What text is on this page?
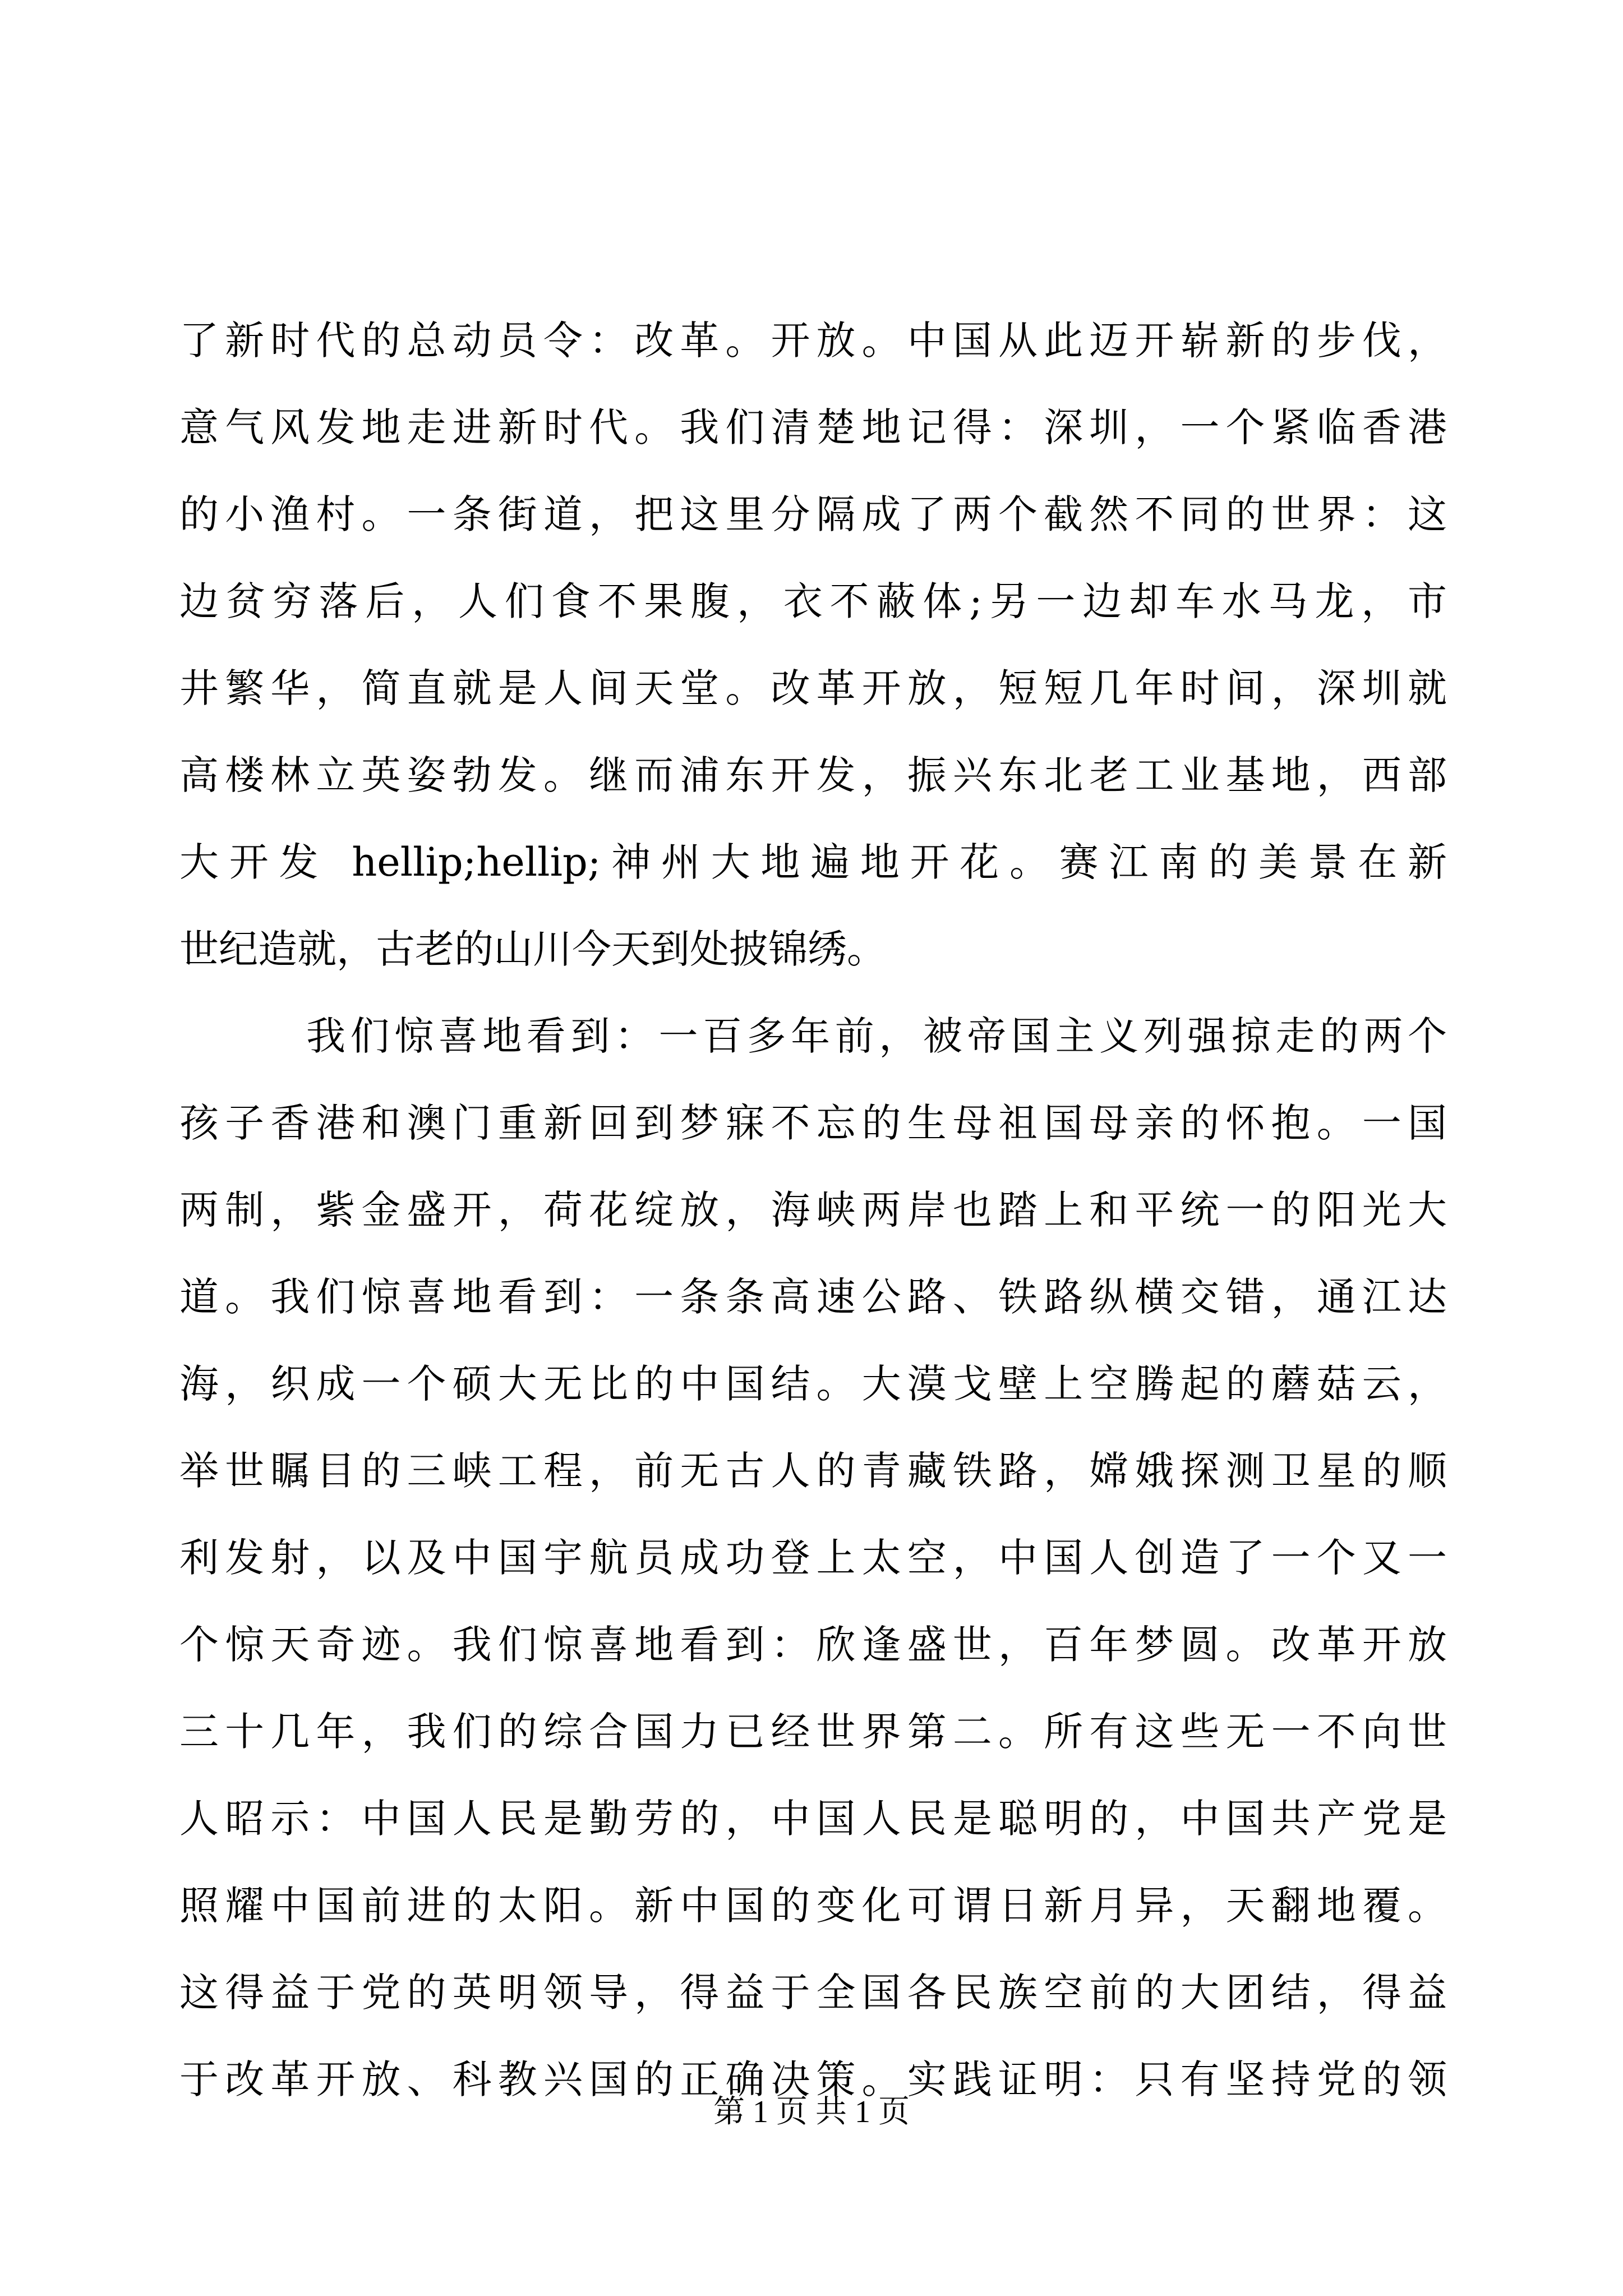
了新时代的总动员令：改革。开放。中国从此迈开崭新的步伐，
意气风发地走进新时代。我们清楚地记得：深圳，一个紧临香港
的小渔村。一条街道，把这里分隔成了两个截然不同的世界：这
边贫穷落后，人们食不果腹，衣不蔽体;另一边却车水马龙，市
井繁华，简直就是人间天堂。改革开放，短短几年时间，深圳就
高楼林立英姿勃发。继而浦东开发，振兴东北老工业基地，西部
大开发 hellip;hellip;神州大地遍地开花。赛江南的美景在新
世纪造就，古老的山川今天到处披锦绣。
我们惊喜地看到：一百多年前，被帝国主义列强掠走的两个
孩子香港和澳门重新回到梦寐不忘的生母祖国母亲的怀抱。一国
两制，紫金盛开，荷花绽放，海峡两岸也踏上和平统一的阳光大
道。我们惊喜地看到：一条条高速公路、铁路纵横交错，通江达
海，织成一个硕大无比的中国结。大漠戈壁上空腾起的蘑菇云，
举世瞩目的三峡工程，前无古人的青藏铁路，嫦娥探测卫星的顺
利发射，以及中国宇航员成功登上太空，中国人创造了一个又一
个惊天奇迹。我们惊喜地看到：欣逢盛世，百年梦圆。改革开放
三十几年，我们的综合国力已经世界第二。所有这些无一不向世
人昭示：中国人民是勤劳的，中国人民是聪明的，中国共产党是
照耀中国前进的太阳。新中国的变化可谓日新月异，天翻地覆。
这得益于党的英明领导，得益于全国各民族空前的大团结，得益
于改革开放、科教兴国的正确决策。实践证明：只有坚持党的领
第 1 页 共 1 页
